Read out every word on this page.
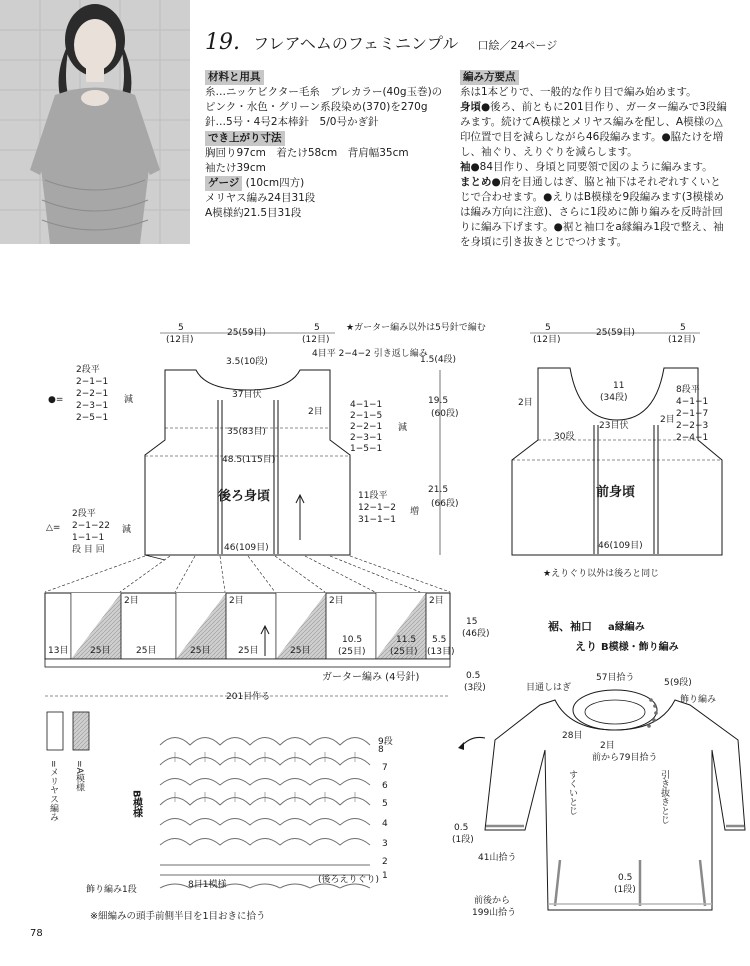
19. フレアヘムのフェミニンプル 口絵／24ページ
材料と用具
糸…ニッケビクター毛糸　プレカラー(40g玉巻)のピンク・水色・グリーン系段染め(370)を270g
針…5号・4号2本棒針　5/0号かぎ針
でき上がり寸法
胸回り97cm　着たけ58cm　背肩幅35cm
袖たけ39cm
ゲージ (10cm四方)
メリヤス編み24目31段
A模様約21.5目31段
編み方要点
糸は1本どりで、一般的な作り目で編み始めます。
身頃●後ろ、前ともに201目作り、ガーター編みで3段編みます。続けてA模様とメリヤス編みを配し、A模様の△印位置で目を減らしながら46段編みます。●脇たけを増し、袖ぐり、えりぐりを減らします。
袖●84目作り、身頃と同要領で図のように編みます。
まとめ●肩を目通しはぎ、脇と袖下はそれぞれすくいとじで合わせます。●えりはB模様を9段編みます(3模様めは編み方向に注意)、さらに1段めに飾り編みを反時計回りに編み下げます。●裾と袖口をa縁編み1段で整え、袖を身頃に引き抜きとじでつけます。
★ガーター編み以外は5号針で編む
5
(12目)
25(59目)	5
(12目)
3.5(10段)
37目伏
4目平 2−4−2 引き返し編み
35(83目)
48.5(115目)
46(109目)
後ろ身頃
1.5(4段)
19.5
(60段)
21.5
(66段)
2目
4−1−1
2−1−5
2−2−1
2−3−1
1−5−1
減
11段平
12−1−2
31−1−1
増
●=
2段平
2−1−1
2−2−1
2−3−1
2−5−1
減
△=
2段平
2−1−22
1−1−1
段 目 回
減
5
(12目)
25(59目)	5
(12目)
11
(34段)
23目伏
30段
2目
8段平
4−1−1
2−1−7
2−2−3
2−4−1
2目
前身頃
46(109目)
★えりぐり以外は後ろと同じ
2目	2目	2目	2目
13目 25目	25目	25目	25目	25目
10.5
(25目)
11.5
(25目)
5.5
(13目)
ガーター編み (4号針)
15
(46段)
0.5
(3段)
201目作る
=メリヤス編み =A模様
B模様
9段
8
7
6
5
4
3
2
1
飾り編み1段	8目1模様	(後ろえりぐり)
裾、袖口 a縁編み
えり B模様・飾り編み
57目拾う	5 (9段)
目通しはぎ
飾り編み
28目
2目
前から79目拾う
すくいとじ	引き抜きとじ
0.5
(1段)
41山拾う
0.5
(1段)
前後から
199山拾う
※細編みの頭手前側半目を1目おきに拾う
78
